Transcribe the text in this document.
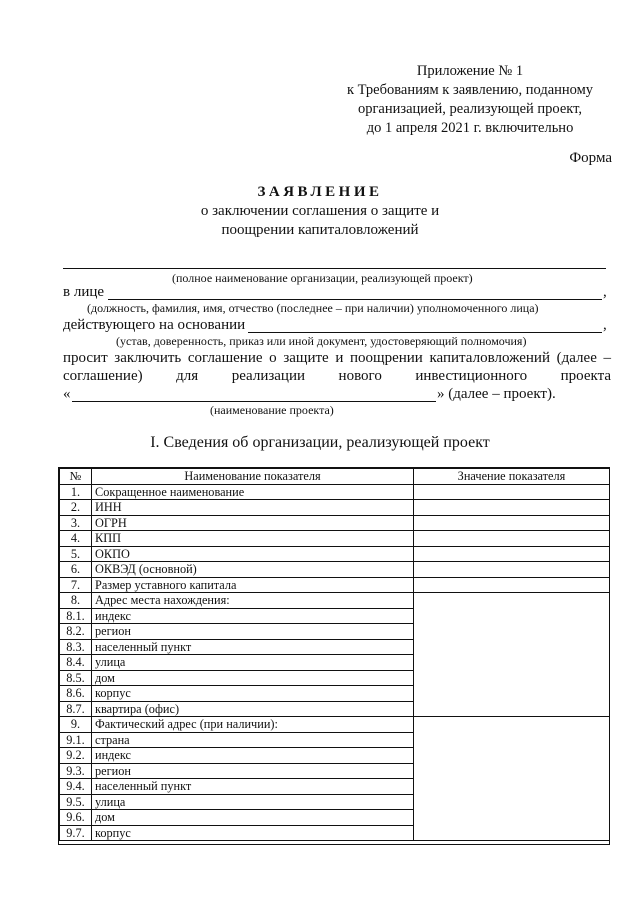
Приложение № 1
к Требованиям к заявлению, поданному
организацией, реализующей проект,
до 1 апреля 2021 г. включительно
Форма
ЗАЯВЛЕНИЕ
о заключении соглашения о защите и
поощрении капиталовложений
(полное наименование организации, реализующей проект)
в лице	,
(должность, фамилия, имя, отчество (последнее – при наличии) уполномоченного лица)
действующего на основании	,
(устав, доверенность, приказ или иной документ, удостоверяющий полномочия)
просит заключить соглашение о защите и поощрении капиталовложений (далее –
соглашение) для реализации нового инвестиционного проекта
«	» (далее – проект).
(наименование проекта)
I. Сведения об организации, реализующей проект
№	Наименование показателя	Значение показателя
1.	Сокращенное наименование	
2.	ИНН	
3.	ОГРН	
4.	КПП	
5.	ОКПО	
6.	ОКВЭД (основной)	
7.	Размер уставного капитала	
8.	Адрес места нахождения:	
8.1.	индекс	
8.2.	регион	
8.3.	населенный пункт	
8.4.	улица	
8.5.	дом	
8.6.	корпус	
8.7.	квартира (офис)	
9.	Фактический адрес (при наличии):	
9.1.	страна	
9.2.	индекс	
9.3.	регион	
9.4.	населенный пункт	
9.5.	улица	
9.6.	дом	
9.7.	корпус	
